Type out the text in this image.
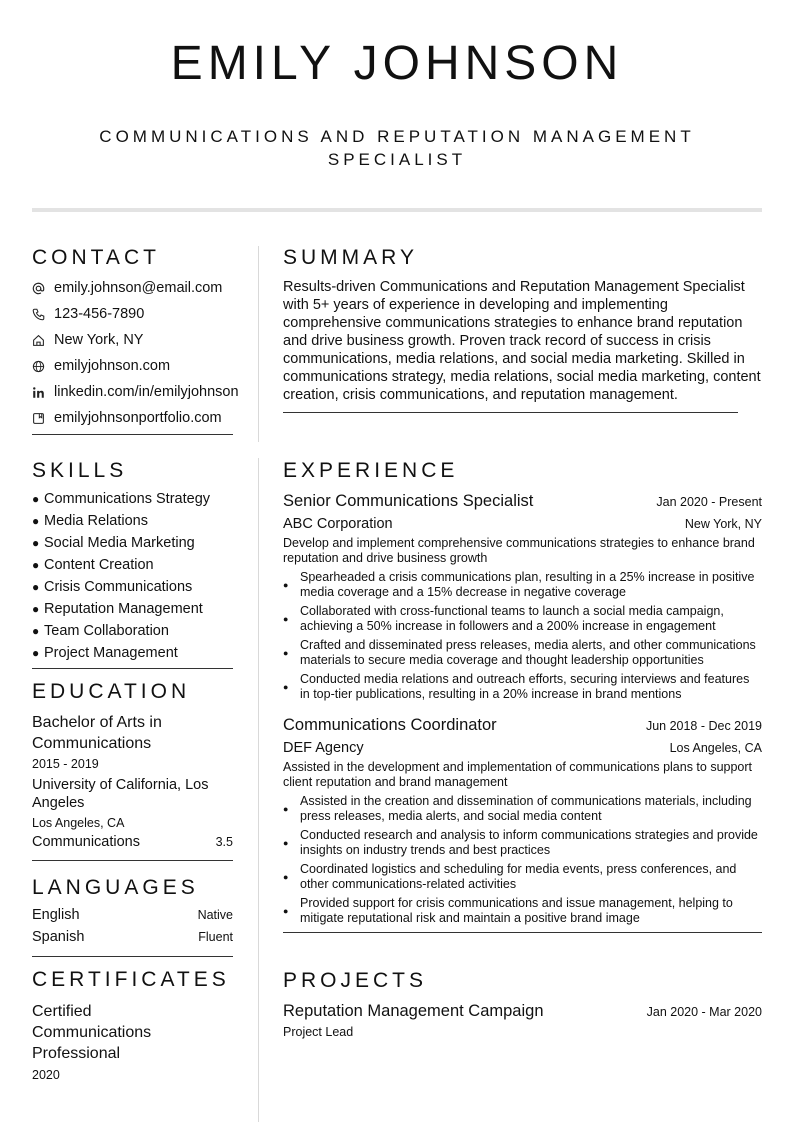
EMILY JOHNSON
COMMUNICATIONS AND REPUTATION MANAGEMENT SPECIALIST
CONTACT
emily.johnson@email.com
123-456-7890
New York, NY
emilyjohnson.com
linkedin.com/in/emilyjohnson
emilyjohnsonportfolio.com
SKILLS
● Communications Strategy
● Media Relations
● Social Media Marketing
● Content Creation
● Crisis Communications
● Reputation Management
● Team Collaboration
● Project Management
EDUCATION
Bachelor of Arts in Communications
2015 - 2019
University of California, Los Angeles
Los Angeles, CA
Communications	3.5
LANGUAGES
English	Native
Spanish	Fluent
CERTIFICATES
Certified Communications Professional
2020
SUMMARY
Results-driven Communications and Reputation Management Specialist with 5+ years of experience in developing and implementing comprehensive communications strategies to enhance brand reputation and drive business growth. Proven track record of success in crisis communications, media relations, and social media marketing. Skilled in communications strategy, media relations, social media marketing, content creation, crisis communications, and reputation management.
EXPERIENCE
Senior Communications Specialist	Jan 2020 - Present
ABC Corporation	New York, NY
Develop and implement comprehensive communications strategies to enhance brand reputation and drive business growth
●
Spearheaded a crisis communications plan, resulting in a 25% increase in positive media coverage and a 15% decrease in negative coverage
●
Collaborated with cross-functional teams to launch a social media campaign, achieving a 50% increase in followers and a 200% increase in engagement
●
Crafted and disseminated press releases, media alerts, and other communications materials to secure media coverage and thought leadership opportunities
●
Conducted media relations and outreach efforts, securing interviews and features in top-tier publications, resulting in a 20% increase in brand mentions
Communications Coordinator	Jun 2018 - Dec 2019
DEF Agency	Los Angeles, CA
Assisted in the development and implementation of communications plans to support client reputation and brand management
●
Assisted in the creation and dissemination of communications materials, including press releases, media alerts, and social media content
●
Conducted research and analysis to inform communications strategies and provide insights on industry trends and best practices
●
Coordinated logistics and scheduling for media events, press conferences, and other communications-related activities
●
Provided support for crisis communications and issue management, helping to mitigate reputational risk and maintain a positive brand image
PROJECTS
Reputation Management Campaign	Jan 2020 - Mar 2020
Project Lead
